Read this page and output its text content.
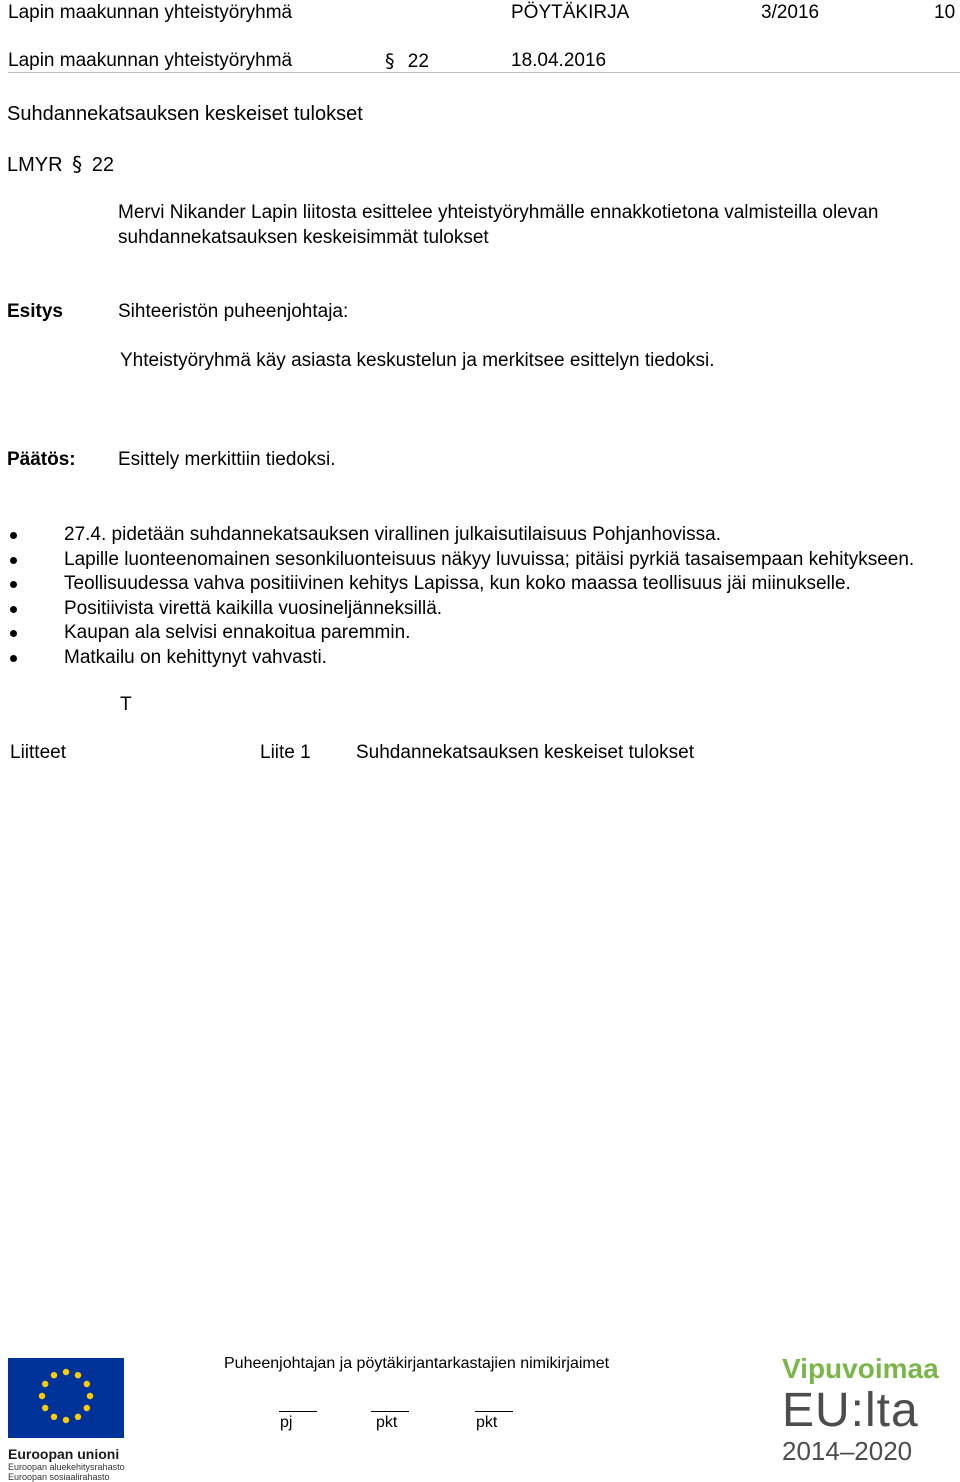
Lapin maakunnan yhteistyöryhmä	PÖYTÄKIRJA	3/2016	10
Lapin maakunnan yhteistyöryhmä	§ 22	18.04.2016
Suhdannekatsauksen keskeiset tulokset
LMYR § 22
Mervi Nikander Lapin liitosta esittelee yhteistyöryhmälle ennakkotietona valmisteilla olevan suhdannekatsauksen keskeisimmät tulokset
Esitys	Sihteeristön puheenjohtaja:
Yhteistyöryhmä käy asiasta keskustelun ja merkitsee esittelyn tiedoksi.
Päätös: Esittely merkittiin tiedoksi.
27.4. pidetään suhdannekatsauksen virallinen julkaisutilaisuus Pohjanhovissa.
Lapille luonteenomainen sesonkiluonteisuus näkyy luvuissa; pitäisi pyrkiä tasaisempaan kehitykseen.
Teollisuudessa vahva positiivinen kehitys Lapissa, kun koko maassa teollisuus jäi miinukselle.
Positiivista virettä kaikilla vuosineljänneksillä.
Kaupan ala selvisi ennakoitua paremmin.
Matkailu on kehittynyt vahvasti.
T
Liitteet	Liite 1 Suhdannekatsauksen keskeiset tulokset
Euroopan unioni
Euroopan aluekehitysrahasto
Euroopan sosiaalirahasto
Puheenjohtajan ja pöytäkirjantarkastajien nimikirjaimet
pj	pkt	pkt
Vipuvoimaa
EU:lta
2014–2020
